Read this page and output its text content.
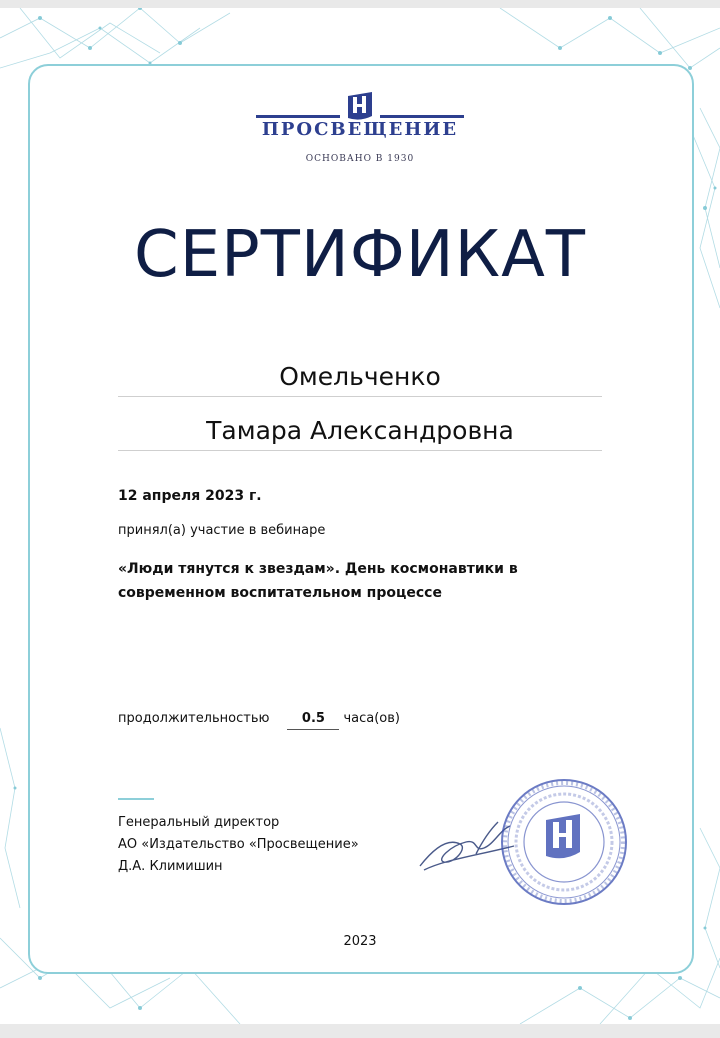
ПРОСВЕЩЕНИЕ
ОСНОВАНО В 1930
СЕРТИФИКАТ
Омельченко
Тамара Александровна
12 апреля 2023 г.
принял(а) участие в вебинаре
«Люди тянутся к звездам». День космонавтики в современном воспитательном процессе
продолжительностью	0.5	часа(ов)
Генеральный директор
АО «Издательство «Просвещение»
Д.А. Климишин
2023
